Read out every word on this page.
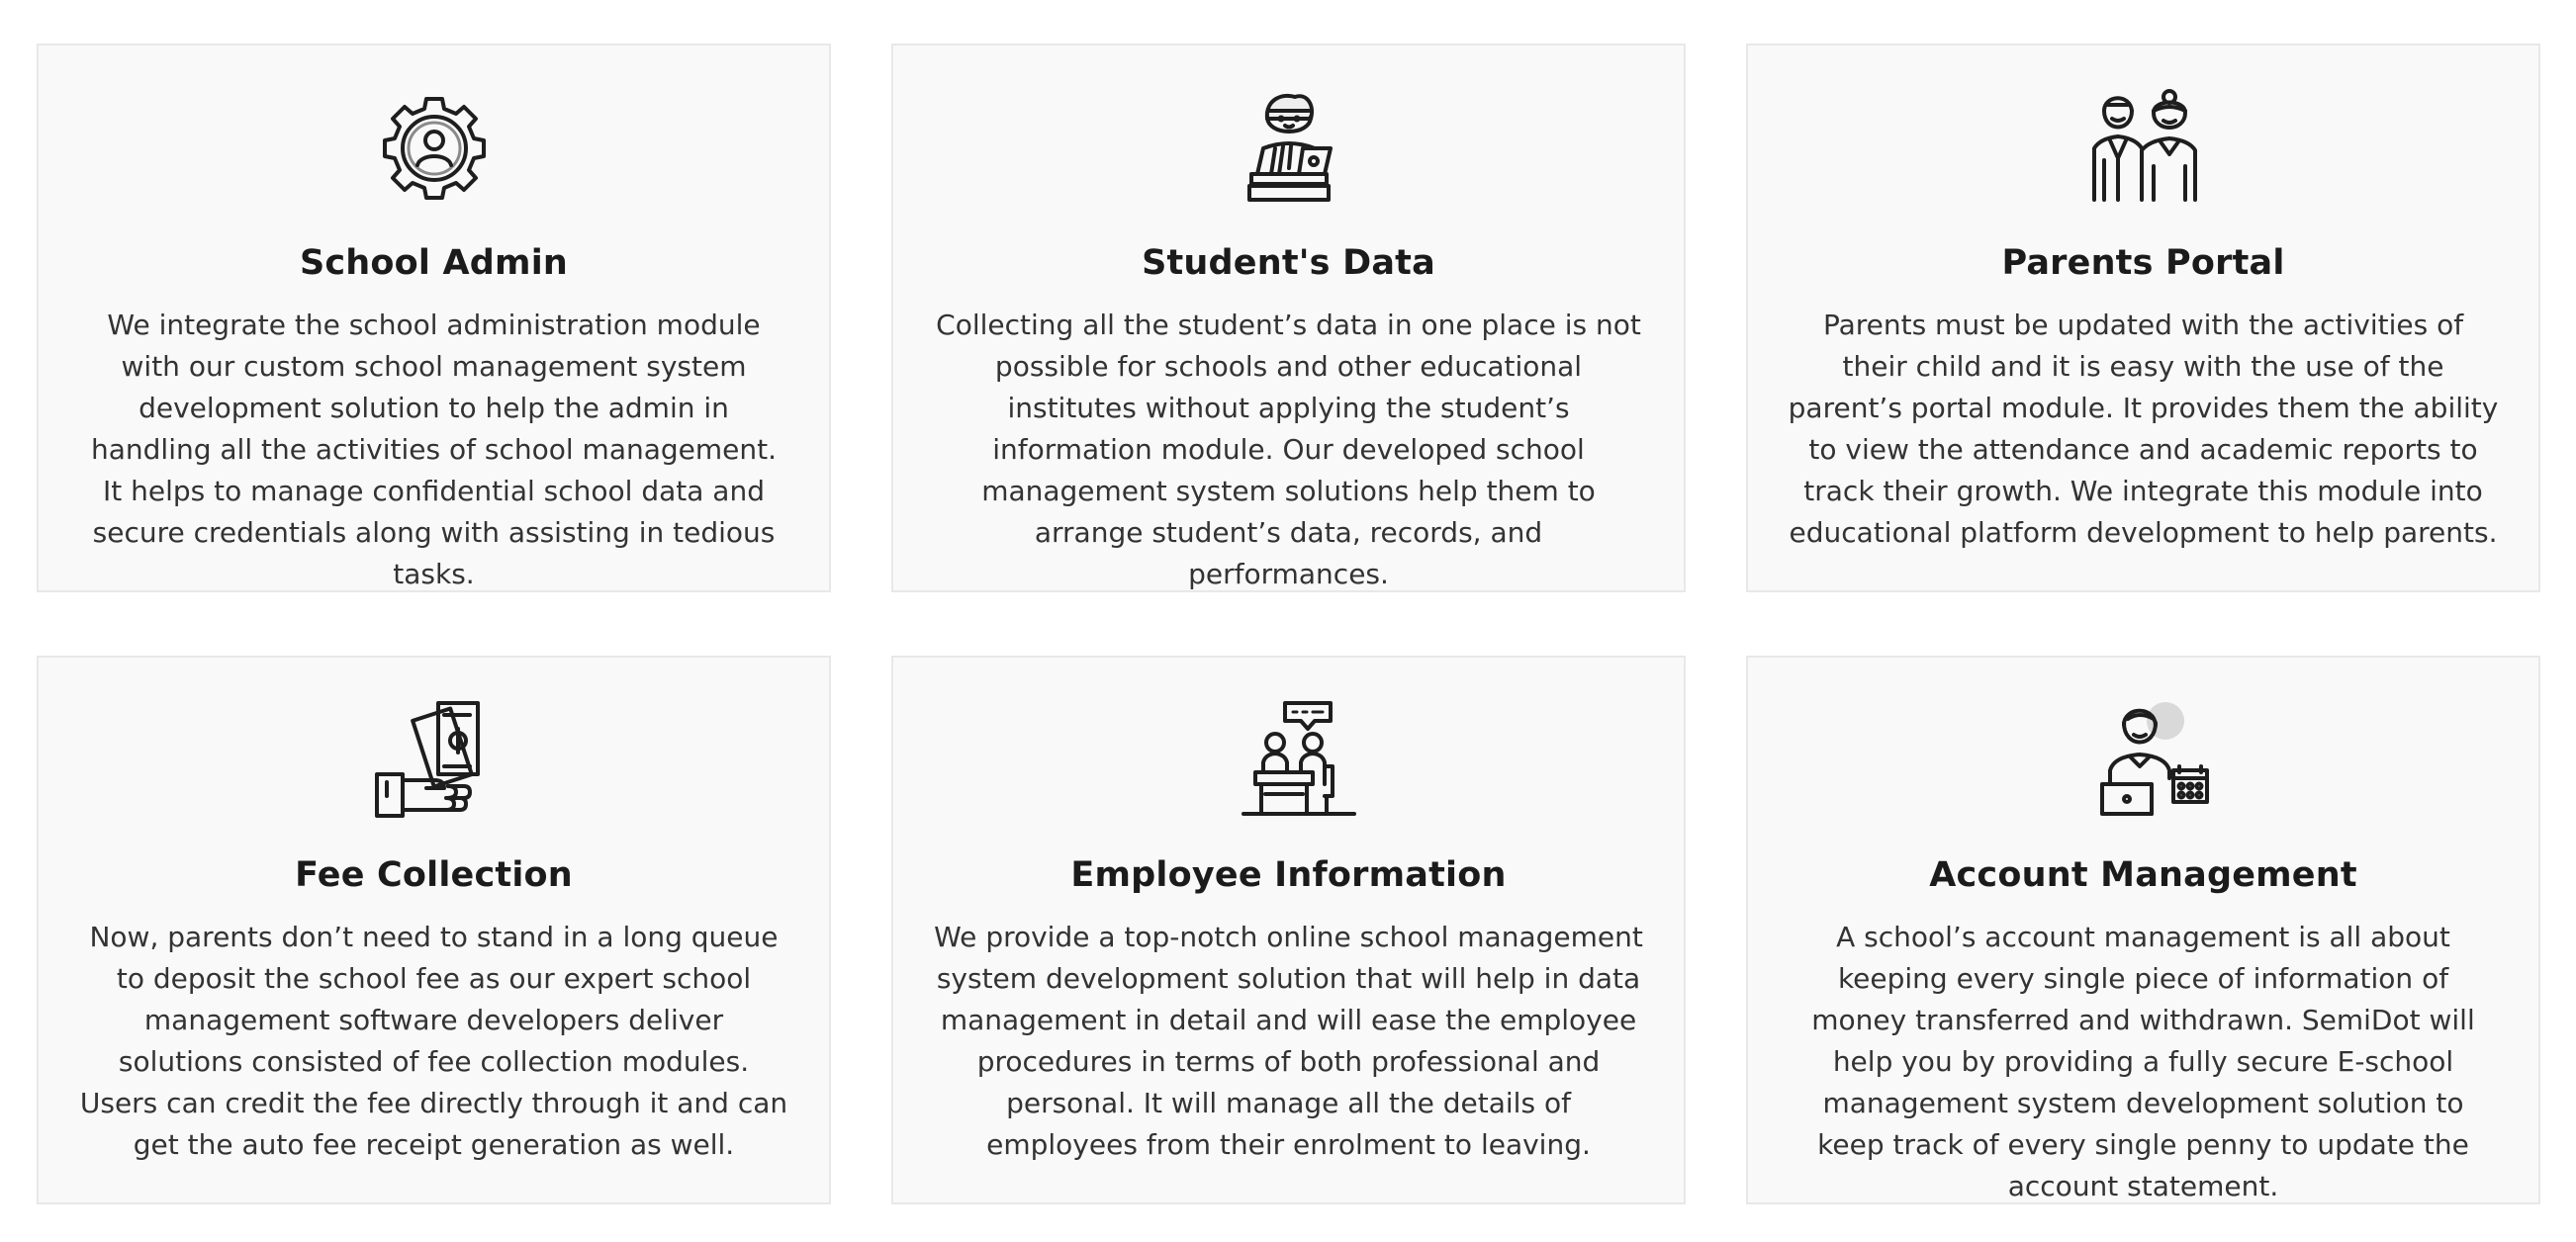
School Admin
We integrate the school administration module with our custom school management system development solution to help the admin in handling all the activities of school management. It helps to manage confidential school data and secure credentials along with assisting in tedious tasks.
Student's Data
Collecting all the student’s data in one place is not possible for schools and other educational institutes without applying the student’s information module. Our developed school management system solutions help them to arrange student’s data, records, and performances.
Parents Portal
Parents must be updated with the activities of their child and it is easy with the use of the parent’s portal module. It provides them the ability to view the attendance and academic reports to track their growth. We integrate this module into educational platform development to help parents.
Fee Collection
Now, parents don’t need to stand in a long queue to deposit the school fee as our expert school management software developers deliver solutions consisted of fee collection modules. Users can credit the fee directly through it and can get the auto fee receipt generation as well.
Employee Information
We provide a top-notch online school management system development solution that will help in data management in detail and will ease the employee procedures in terms of both professional and personal. It will manage all the details of employees from their enrolment to leaving.
Account Management
A school’s account management is all about keeping every single piece of information of money transferred and withdrawn. SemiDot will help you by providing a fully secure E-school management system development solution to keep track of every single penny to update the account statement.
